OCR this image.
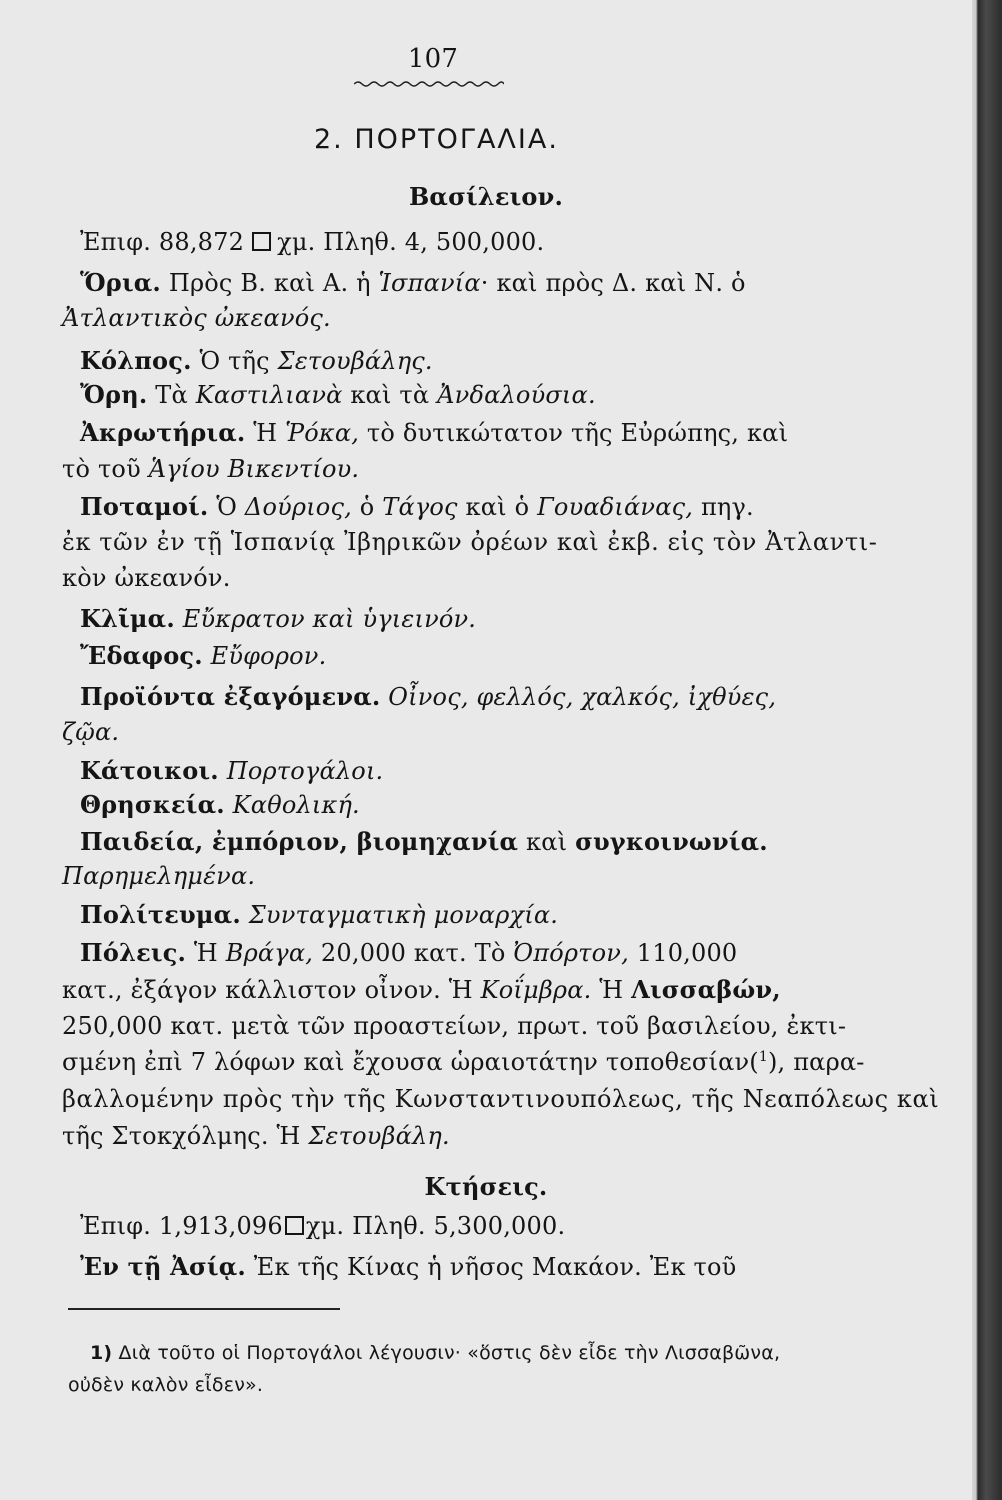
107
2. ΠΟΡΤΟΓΑΛΙΑ.
Βασίλειον.
Ἐπιφ. 88,872 χμ. Πληθ. 4, 500,000.
Ὅρια. Πρὸς Β. καὶ Α. ἡ Ἱσπανία· καὶ πρὸς Δ. καὶ Ν. ὁ
Ἀτλαντικὸς ὠκεανός.
Κόλπος. Ὁ τῆς Σετουβάλης.
Ὄρη. Τὰ Καστιλιανὰ καὶ τὰ Ἀνδαλούσια.
Ἀκρωτήρια. Ἡ Ῥόκα, τὸ δυτικώτατον τῆς Εὐρώπης, καὶ
τὸ τοῦ Ἁγίου Βικεντίου.
Ποταμοί. Ὁ Δούριος, ὁ Τάγος καὶ ὁ Γουαδιάνας, πηγ.
ἐκ τῶν ἐν τῇ Ἱσπανίᾳ Ἰβηρικῶν ὀρέων καὶ ἐκβ. εἰς τὸν Ἀτλαντι-
κὸν ὠκεανόν.
Κλῖμα. Εὔκρατον καὶ ὑγιεινόν.
Ἔδαφος. Εὔφορον.
Προϊόντα ἐξαγόμενα. Οἶνος, φελλός, χαλκός, ἰχθύες,
ζῷα.
Κάτοικοι. Πορτογάλοι.
Θρησκεία. Καθολική.
Παιδεία, ἐμπόριον, βιομηχανία καὶ συγκοινωνία.
Παρημελημένα.
Πολίτευμα. Συνταγματικὴ μοναρχία.
Πόλεις. Ἡ Βράγα, 20,000 κατ. Τὸ Ὀπόρτον, 110,000
κατ., ἐξάγον κάλλιστον οἶνον. Ἡ Κοΐμβρα. Ἡ Λισσαβών,
250,000 κατ. μετὰ τῶν προαστείων, πρωτ. τοῦ βασιλείου, ἐκτι-
σμένη ἐπὶ 7 λόφων καὶ ἔχουσα ὡραιοτάτην τοποθεσίαν($^1$), παρα-
βαλλομένην πρὸς τὴν τῆς Κωνσταντινουπόλεως, τῆς Νεαπόλεως καὶ
τῆς Στοκχόλμης. Ἡ Σετουβάλη.
Κτήσεις.
Ἐπιφ. 1,913,096 χμ. Πληθ. 5,300,000.
Ἐν τῇ Ἀσίᾳ. Ἐκ τῆς Κίνας ἡ νῆσος Μακάον. Ἐκ τοῦ
1) Διὰ τοῦτο οἱ Πορτογάλοι λέγουσιν· «ὅστις δὲν εἶδε τὴν Λισσαβῶνα,
οὐδὲν καλὸν εἶδεν».
